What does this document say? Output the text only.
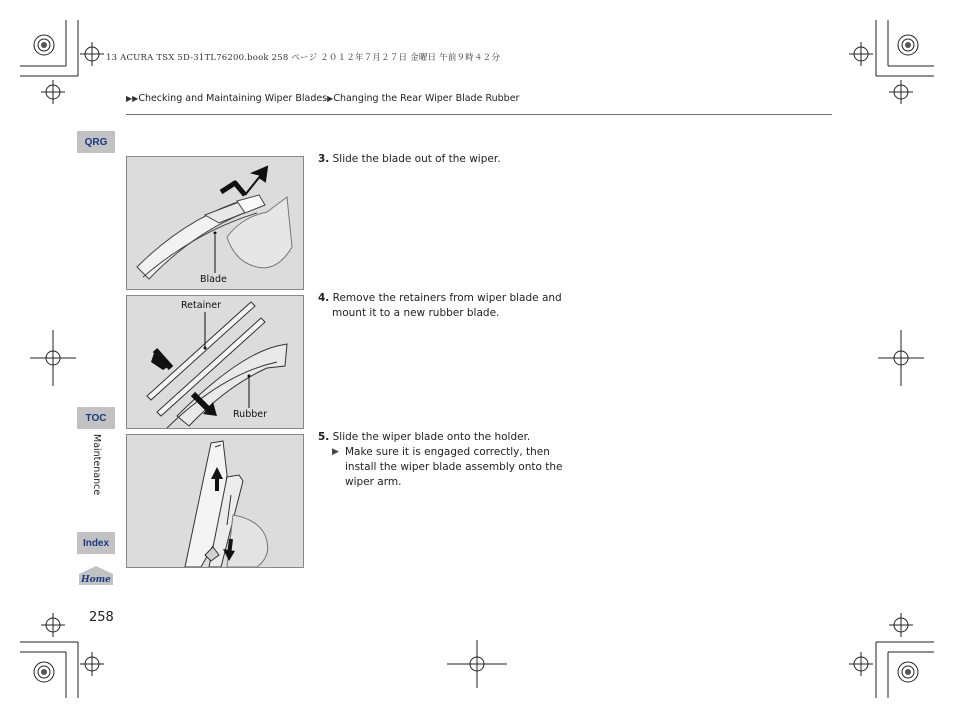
13 ACURA TSX 5D-31TL76200.book 258 ページ ２０１２年７月２７日 金曜日 午前９時４２分
▶▶Checking and Maintaining Wiper Blades▶Changing the Rear Wiper Blade Rubber
QRG
TOC
Maintenance
Index
Home
258
Blade
Retainer
Rubber
3. Slide the blade out of the wiper.
4. Remove the retainers from wiper blade and
mount it to a new rubber blade.
5. Slide the wiper blade onto the holder.
▶ Make sure it is engaged correctly, then
install the wiper blade assembly onto the
wiper arm.
